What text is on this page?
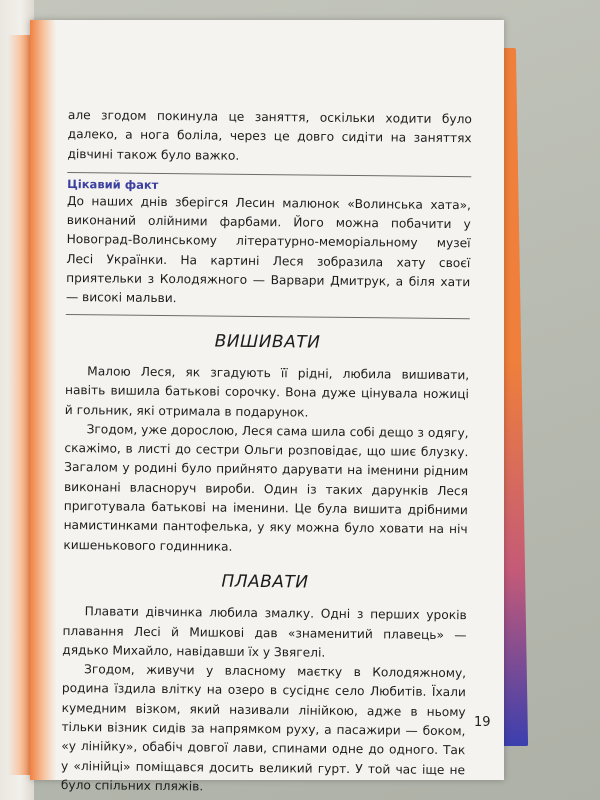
але згодом покинула це заняття, оскільки ходити було далеко, а нога боліла, через це довго сидіти на заняттях дівчині також було важко.

Цікавий факт

До наших днів зберігся Лесин малюнок «Волинська хата», виконаний олійними фарбами. Його можна побачити у Новоград-Волинському літературно-меморіальному музеї Лесі Українки. На картині Леся зобразила хату своєї приятельки з Колодяжного — Варвари Дмитрук, а біля хати — високі мальви.

ВИШИВАТИ

Малою Леся, як згадують її рідні, любила вишивати, навіть вишила батькові сорочку. Вона дуже цінувала ножиці й гольник, які отримала в подарунок.

Згодом, уже дорослою, Леся сама шила собі дещо з одягу, скажімо, в листі до сестри Ольги розповідає, що шиє блузку. Загалом у родині було прийнято дарувати на іменини рідним виконані власноруч вироби. Один із таких дарунків Леся приготувала батькові на іменини. Це була вишита дрібними намистинками пантофелька, у яку можна було ховати на ніч кишенькового годинника.

ПЛАВАТИ

Плавати дівчинка любила змалку. Одні з перших уроків плавання Лесі й Мишкові дав «знаменитий плавець» — дядько Михайло, навідавши їх у Звягелі.

Згодом, живучи у власному маєтку в Колодяжному, родина їздила влітку на озеро в сусіднє село Любитів. Їхали кумедним візком, який називали лінійкою, адже в ньому тільки візник сидів за напрямком руху, а пасажири — боком, «у лінійку», обабіч довгої лави, спинами одне до одного. Так у «лінійці» поміщався досить великий гурт. У той час іще не було спільних пляжів.

19
